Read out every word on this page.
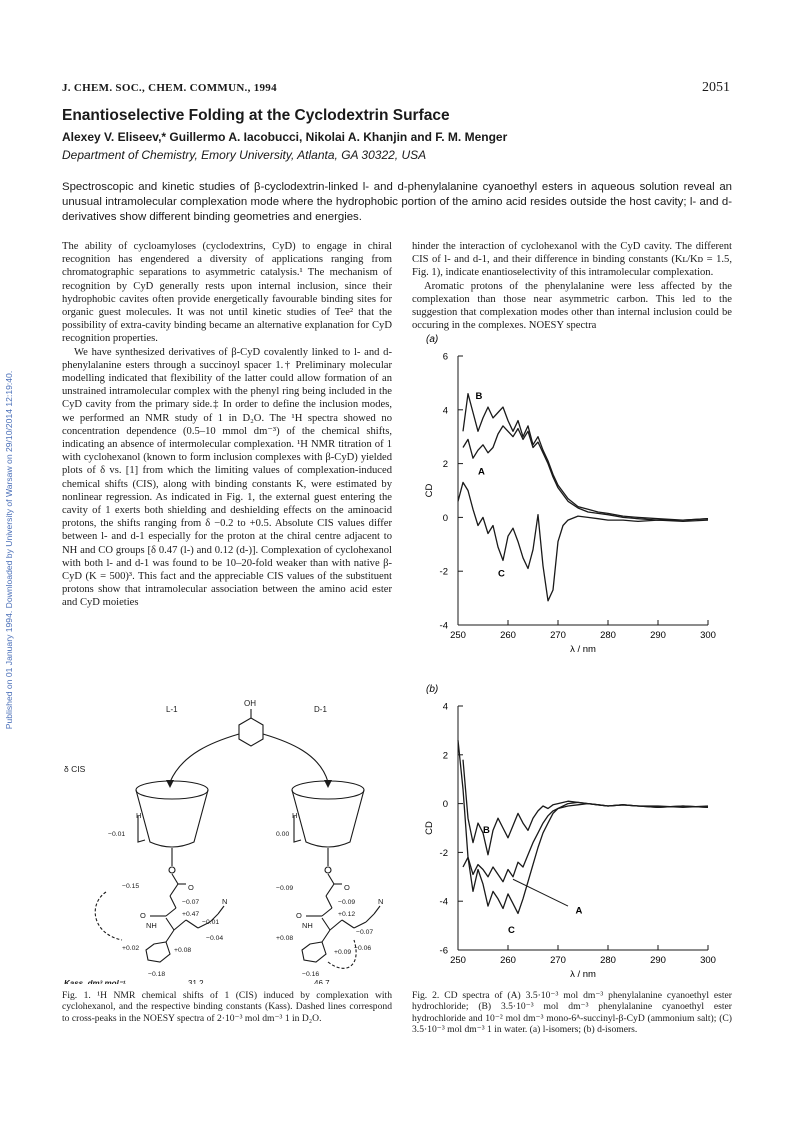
J. CHEM. SOC., CHEM. COMMUN., 1994	2051
Enantioselective Folding at the Cyclodextrin Surface
Alexey V. Eliseev,* Guillermo A. Iacobucci, Nikolai A. Khanjin and F. M. Menger
Department of Chemistry, Emory University, Atlanta, GA 30322, USA
Spectroscopic and kinetic studies of β-cyclodextrin-linked l- and d-phenylalanine cyanoethyl esters in aqueous solution reveal an unusual intramolecular complexation mode where the hydrophobic portion of the amino acid resides outside the host cavity; l- and d-derivatives show different binding geometries and energies.
Published on 01 January 1994. Downloaded by University of Warsaw on 29/10/2014 12:19:40.

The ability of cycloamyloses (cyclodextrins, CyD) to engage in chiral recognition has engendered a diversity of applications ranging from chromatographic separations to asymmetric catalysis.¹ The mechanism of recognition by CyD generally rests upon internal inclusion, since their hydrophobic cavites often provide energetically favourable binding sites for organic guest molecules. It was not until kinetic studies of Tee² that the possibility of extra-cavity binding became an alternative explanation for CyD recognition properties.

We have synthesized derivatives of β-CyD covalently linked to l- and d-phenylalanine esters through a succinoyl spacer 1.† Preliminary molecular modelling indicated that flexibility of the latter could allow formation of an unstrained intramolecular complex with the phenyl ring being included in the CyD cavity from the primary side.‡ In order to define the inclusion modes, we performed an NMR study of 1 in D₂O. The ¹H spectra showed no concentration dependence (0.5–10 mmol dm⁻³) of the chemical shifts, indicating an absence of intermolecular complexation. ¹H NMR titration of 1 with cyclohexanol (known to form inclusion complexes with β-CyD) yielded plots of δ vs. [1] from which the limiting values of complexation-induced chemical shifts (CIS), along with binding constants K, were estimated by nonlinear regression. As indicated in Fig. 1, the external guest entering the cavity of 1 exerts both shielding and deshielding effects on the aminoacid protons, the shifts ranging from δ −0.2 to +0.5. Absolute CIS values differ between l- and d-1 especially for the proton at the chiral centre adjacent to NH and CO groups [δ 0.47 (l-) and 0.12 (d-)]. Complexation of cyclohexanol with both l- and d-1 was found to be 10–20-fold weaker than with native β-CyD (K = 500)³. This fact and the appreciable CIS values of the substituent protons show that intramolecular association between the amino acid ester and CyD moieties

hinder the interaction of cyclohexanol with the CyD cavity. The different CIS of l- and d-1, and their difference in binding constants (Kʟ/Kᴅ = 1.5, Fig. 1), indicate enantioselectivity of this intramolecular complexation.

Aromatic protons of the phenylalanine were less affected by the complexation than those near asymmetric carbon. This led to the suggestion that complexation modes other than internal inclusion could be occuring in the complexes. NOESY spectra

L-1	D-1
OH
δ CIS
H
−0.01
−0.15	O
−0.07
O	+0.47
NH	−0.01
−0.04
N
+0.02	+0.08
−0.18
H
0.00
−0.09	O
−0.09
O	+0.12
NH
−0.07
−0.06
N
+0.08
+0.09
−0.16
Kass, dm³ mol⁻¹	31.2	46.7
Fig. 1. ¹H NMR chemical shifts of 1 (CIS) induced by complexation with cyclohexanol, and the respective binding constants (Kass). Dashed lines correspond to cross-peaks in the NOESY spectra of 2·10⁻³ mol dm⁻³ 1 in D₂O.
(a)
-4
-2
0
2
4
6
250	260	270	280	290	300
λ / nm
CD
B
A
C
(b)
-6
-4
-2
0
2
4
250	260	270	280	290	300
λ / nm
CD	B
C
A
Fig. 2. CD spectra of (A) 3.5·10⁻³ mol dm⁻³ phenylalanine cyanoethyl ester hydrochloride; (B) 3.5·10⁻³ mol dm⁻³ phenylalanine cyanoethyl ester hydrochloride and 10⁻² mol dm⁻³ mono-6ᴬ-succinyl-β-CyD (ammonium salt); (C) 3.5·10⁻³ mol dm⁻³ 1 in water. (a) l-isomers; (b) d-isomers.
